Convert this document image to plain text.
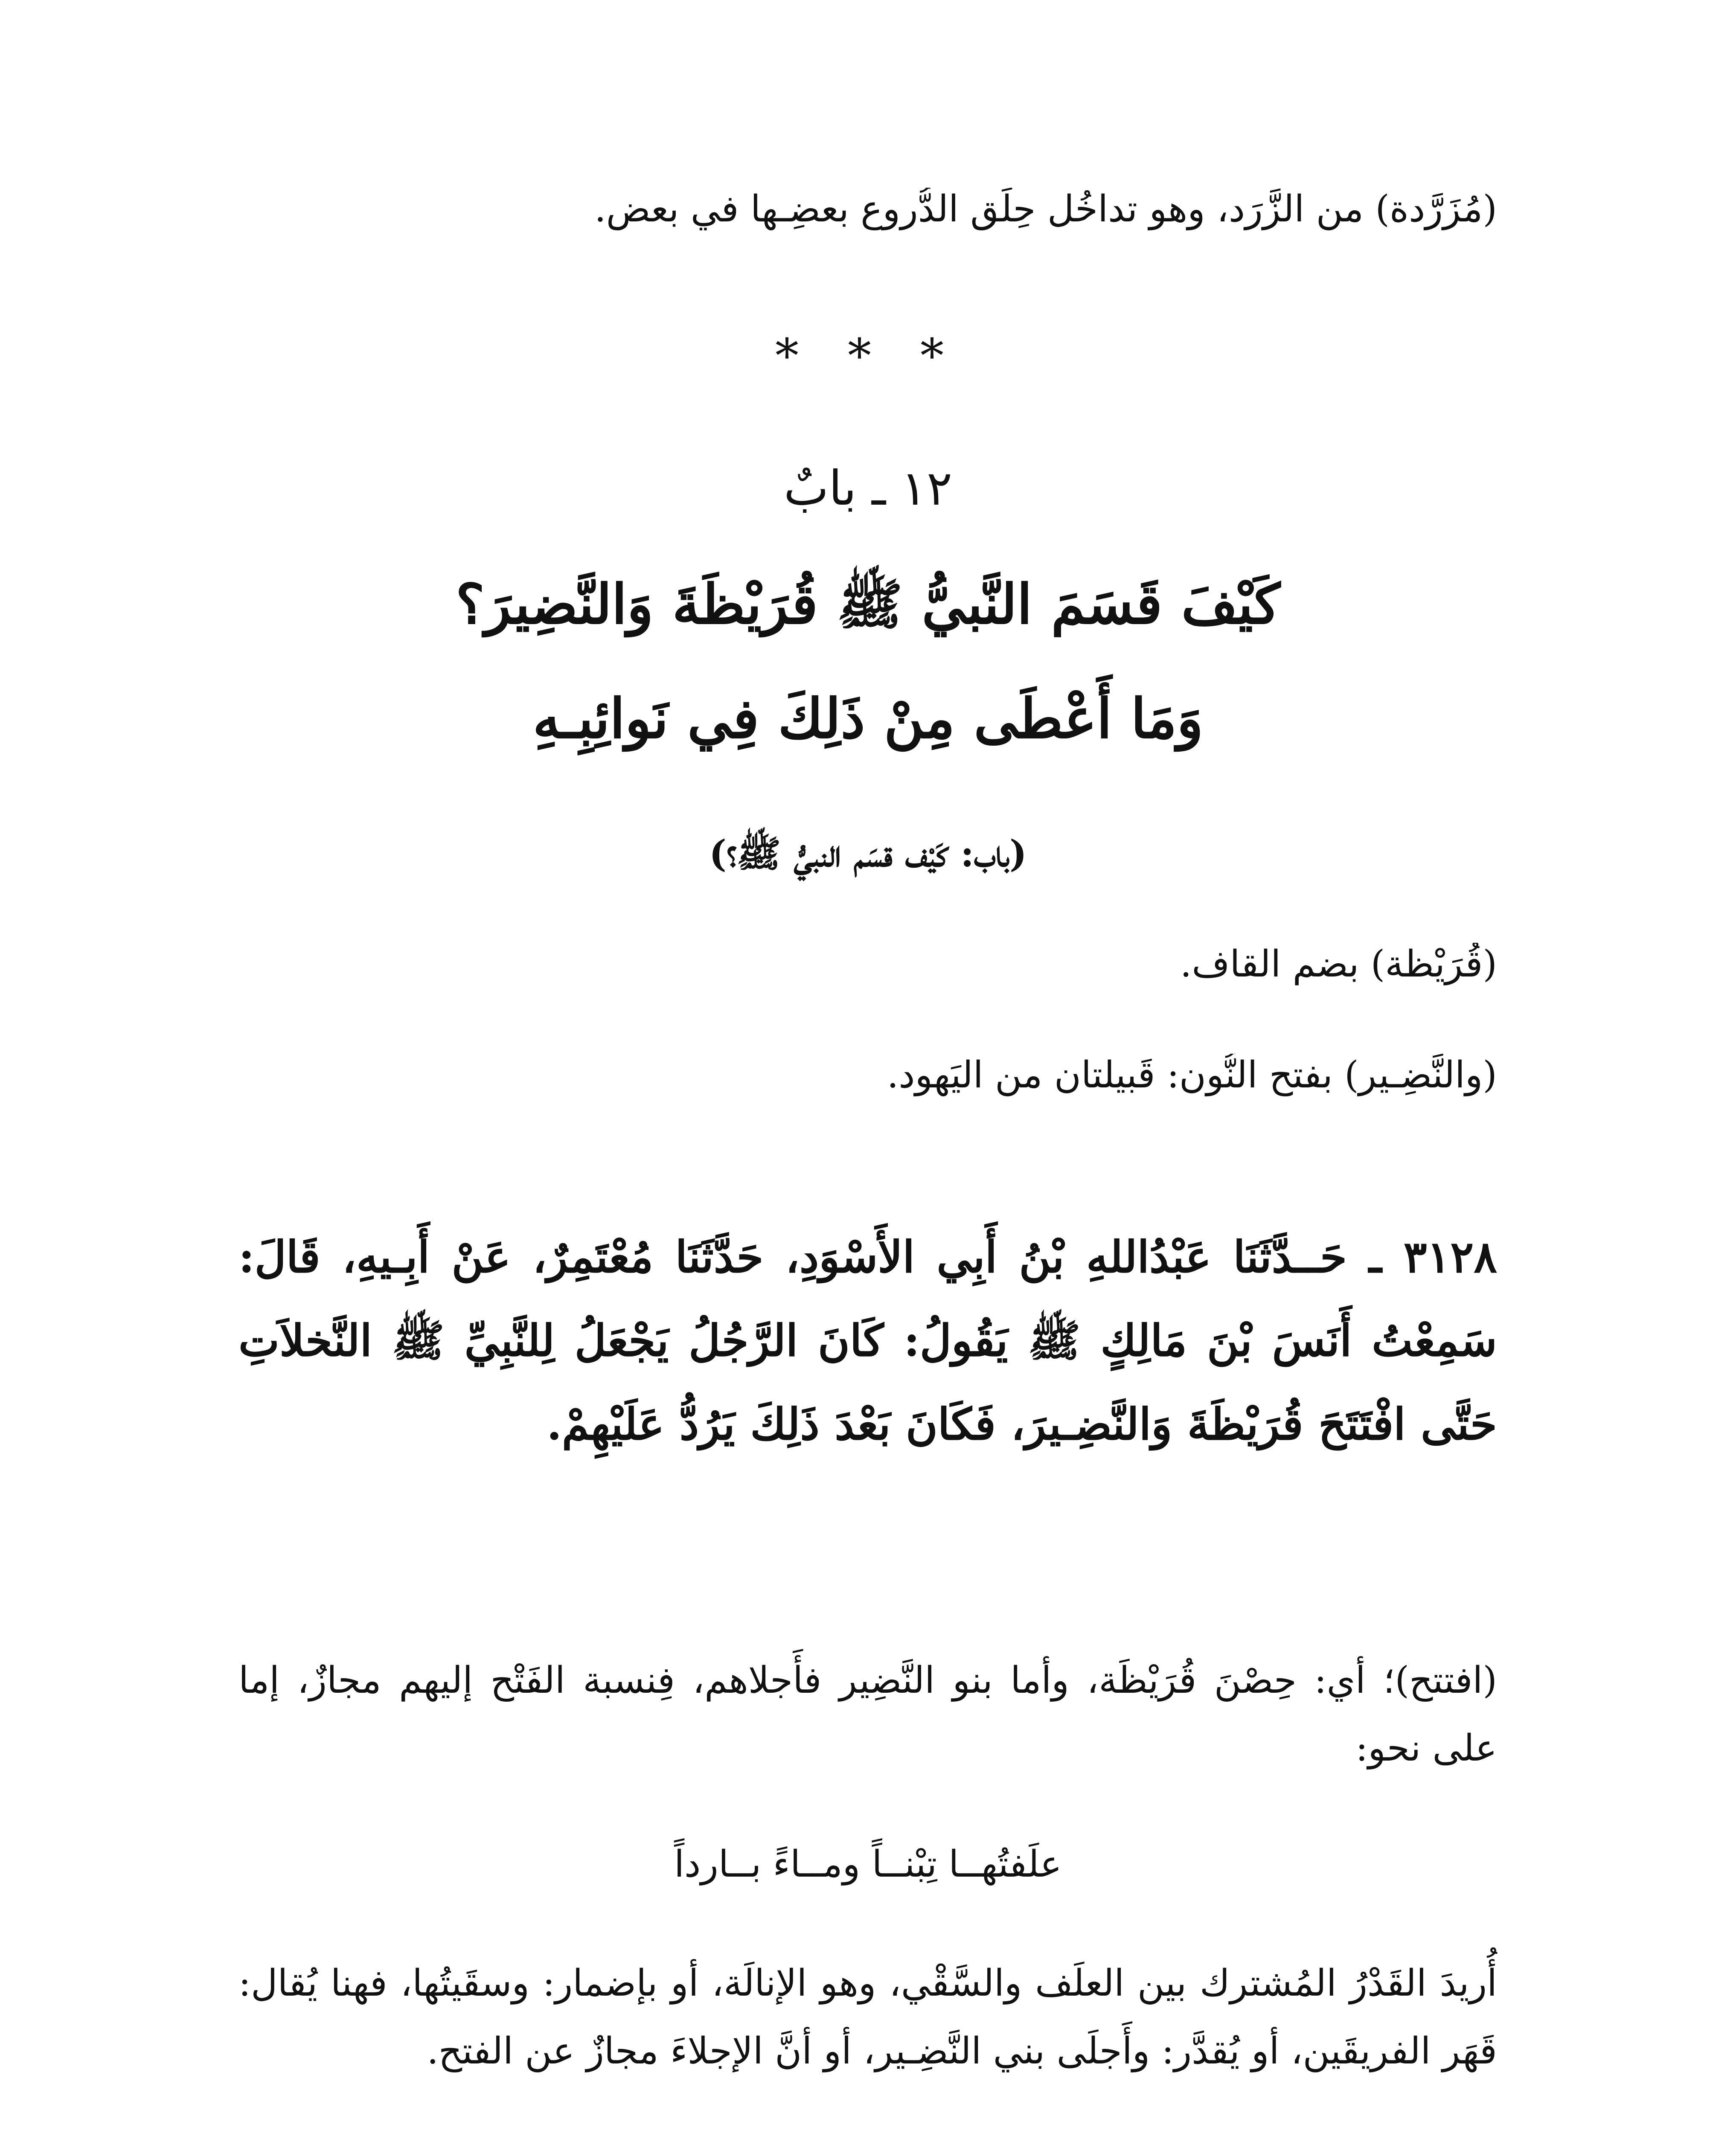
(مُزَرَّدة) من الزَّرَد، وهو تداخُل حِلَق الدُّروع بعضِـها في بعضٍ.
* * *
١٢ ـ بابٌ
كَيْفَ قَسَمَ النَّبيُّ ﷺ قُرَيْظَةَ وَالنَّضِيرَ؟
وَمَا أَعْطَى مِنْ ذَلِكَ فِي نَوائِبِـهِ
(باب: كَيْف قسَم النبيُّ ﷺ؟)
(قُرَيْظة) بضم القاف.
(والنَّضِـير) بفتح النُّون: قَبيلتان من اليَهود.
٣١٢٨ ـ حَــدَّثَنَا عَبْدُاللهِ بْنُ أَبِي الأَسْوَدِ، حَدَّثَنَا مُعْتَمِرٌ، عَنْ أَبِـيهِ، قَالَ: سَمِعْتُ أَنَسَ بْنَ مَالِكٍ ﷺ يَقُولُ: كَانَ الرَّجُلُ يَجْعَلُ لِلنَّبِيِّ ﷺ النَّخلاَتِ حَتَّى افْتَتَحَ قُرَيْظَةَ وَالنَّضِـيرَ، فَكَانَ بَعْدَ ذَلِكَ يَرُدُّ عَلَيْهِمْ.
(افتتح)؛ أي: حِصْنَ قُرَيْظَة، وأما بنو النَّضِير فأَجلاهم، فِنسبة الفَتْح إليهم مجازٌ، إما على نحو:
علَفتُهــا تِبْنــاً ومــاءً بــارداً
أُريدَ القَدْرُ المُشترك بين العلَف والسَّقْي، وهو الإنالَة، أو بإضمار: وسقَيتُها، فهنا يُقال: قَهَر الفريقَين، أو يُقدَّر: وأَجلَى بني النَّضِـير، أو أنَّ الإجلاءَ مجازٌ عن الفتح.
